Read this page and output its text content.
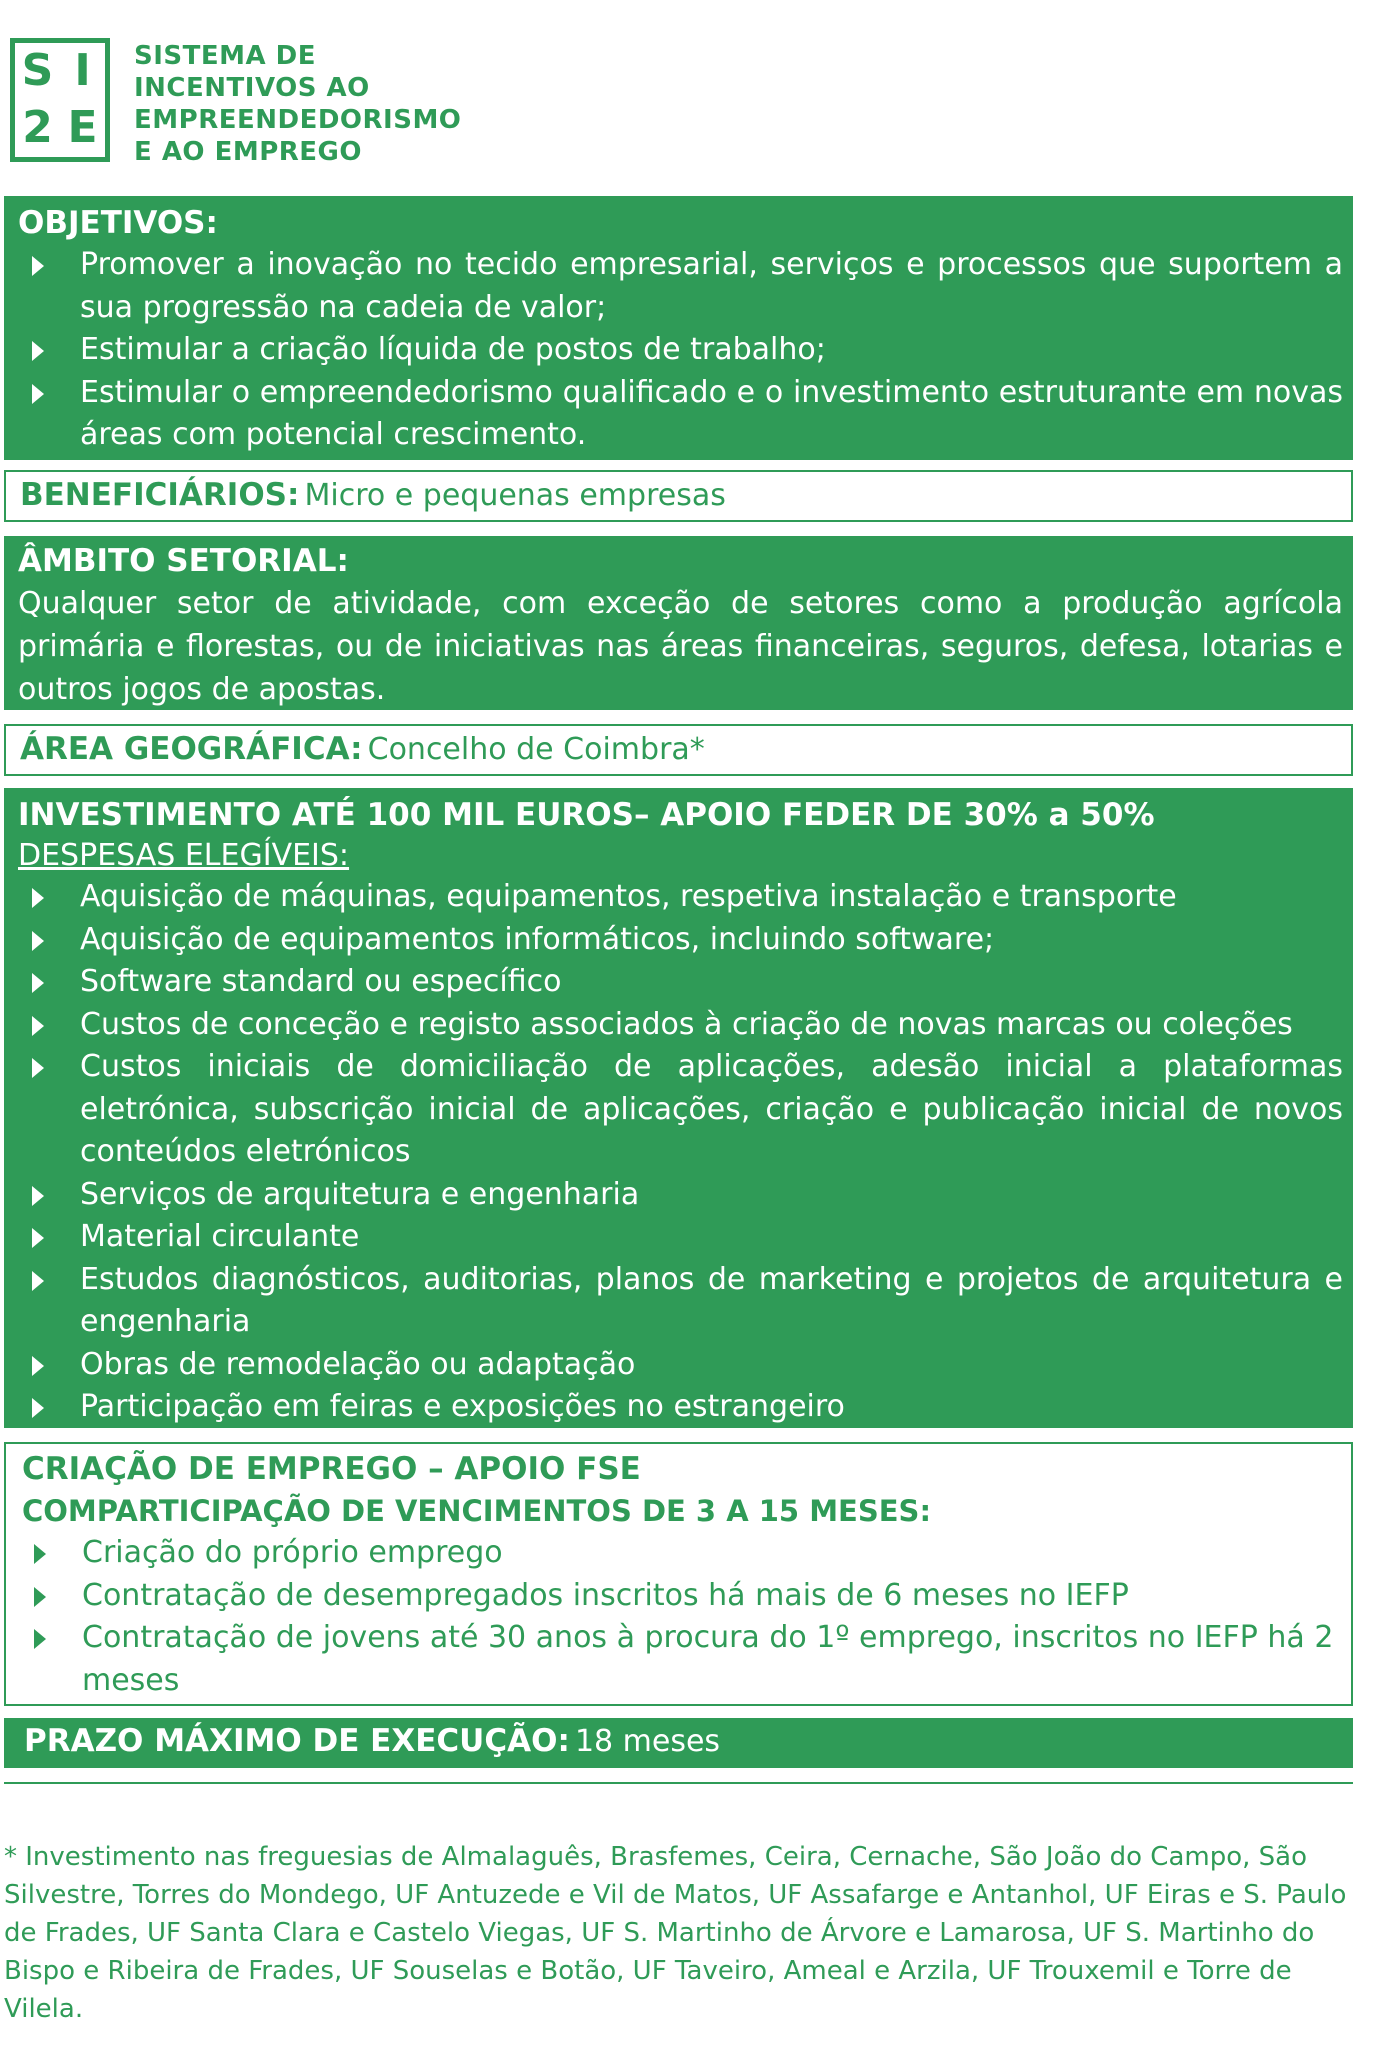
S I
2 E
SISTEMA DE
INCENTIVOS AO
EMPREENDEDORISMO
E AO EMPREGO
OBJETIVOS:
Promover a inovação no tecido empresarial, serviços e processos que suportem a sua progressão na cadeia de valor;
Estimular a criação líquida de postos de trabalho;
Estimular o empreendedorismo qualificado e o investimento estruturante em novas áreas com potencial crescimento.
BENEFICIÁRIOS: Micro e pequenas empresas
ÂMBITO SETORIAL:
Qualquer setor de atividade, com exceção de setores como a produção agrícola primária e florestas, ou de iniciativas nas áreas financeiras, seguros, defesa, lotarias e outros jogos de apostas.
ÁREA GEOGRÁFICA: Concelho de Coimbra*
INVESTIMENTO ATÉ 100 MIL EUROS– APOIO FEDER DE 30% a 50%
DESPESAS ELEGÍVEIS:
Aquisição de máquinas, equipamentos, respetiva instalação e transporte
Aquisição de equipamentos informáticos, incluindo software;
Software standard ou específico
Custos de conceção e registo associados à criação de novas marcas ou coleções
Custos iniciais de domiciliação de aplicações, adesão inicial a plataformas eletrónica, subscrição inicial de aplicações, criação e publicação inicial de novos conteúdos eletrónicos
Serviços de arquitetura e engenharia
Material circulante
Estudos diagnósticos, auditorias, planos de marketing e projetos de arquitetura e engenharia
Obras de remodelação ou adaptação
Participação em feiras e exposições no estrangeiro
CRIAÇÃO DE EMPREGO – APOIO FSE
COMPARTICIPAÇÃO DE VENCIMENTOS DE 3 A 15 MESES:
Criação do próprio emprego
Contratação de desempregados inscritos há mais de 6 meses no IEFP
Contratação de jovens até 30 anos à procura do 1º emprego, inscritos no IEFP há 2 meses
PRAZO MÁXIMO DE EXECUÇÃO: 18 meses
* Investimento nas freguesias de Almalaguês, Brasfemes, Ceira, Cernache, São João do Campo, São Silvestre, Torres do Mondego, UF Antuzede e Vil de Matos, UF Assafarge e Antanhol, UF Eiras e S. Paulo de Frades, UF Santa Clara e Castelo Viegas, UF S. Martinho de Árvore e Lamarosa, UF S. Martinho do Bispo e Ribeira de Frades, UF Souselas e Botão, UF Taveiro, Ameal e Arzila, UF Trouxemil e Torre de Vilela.
